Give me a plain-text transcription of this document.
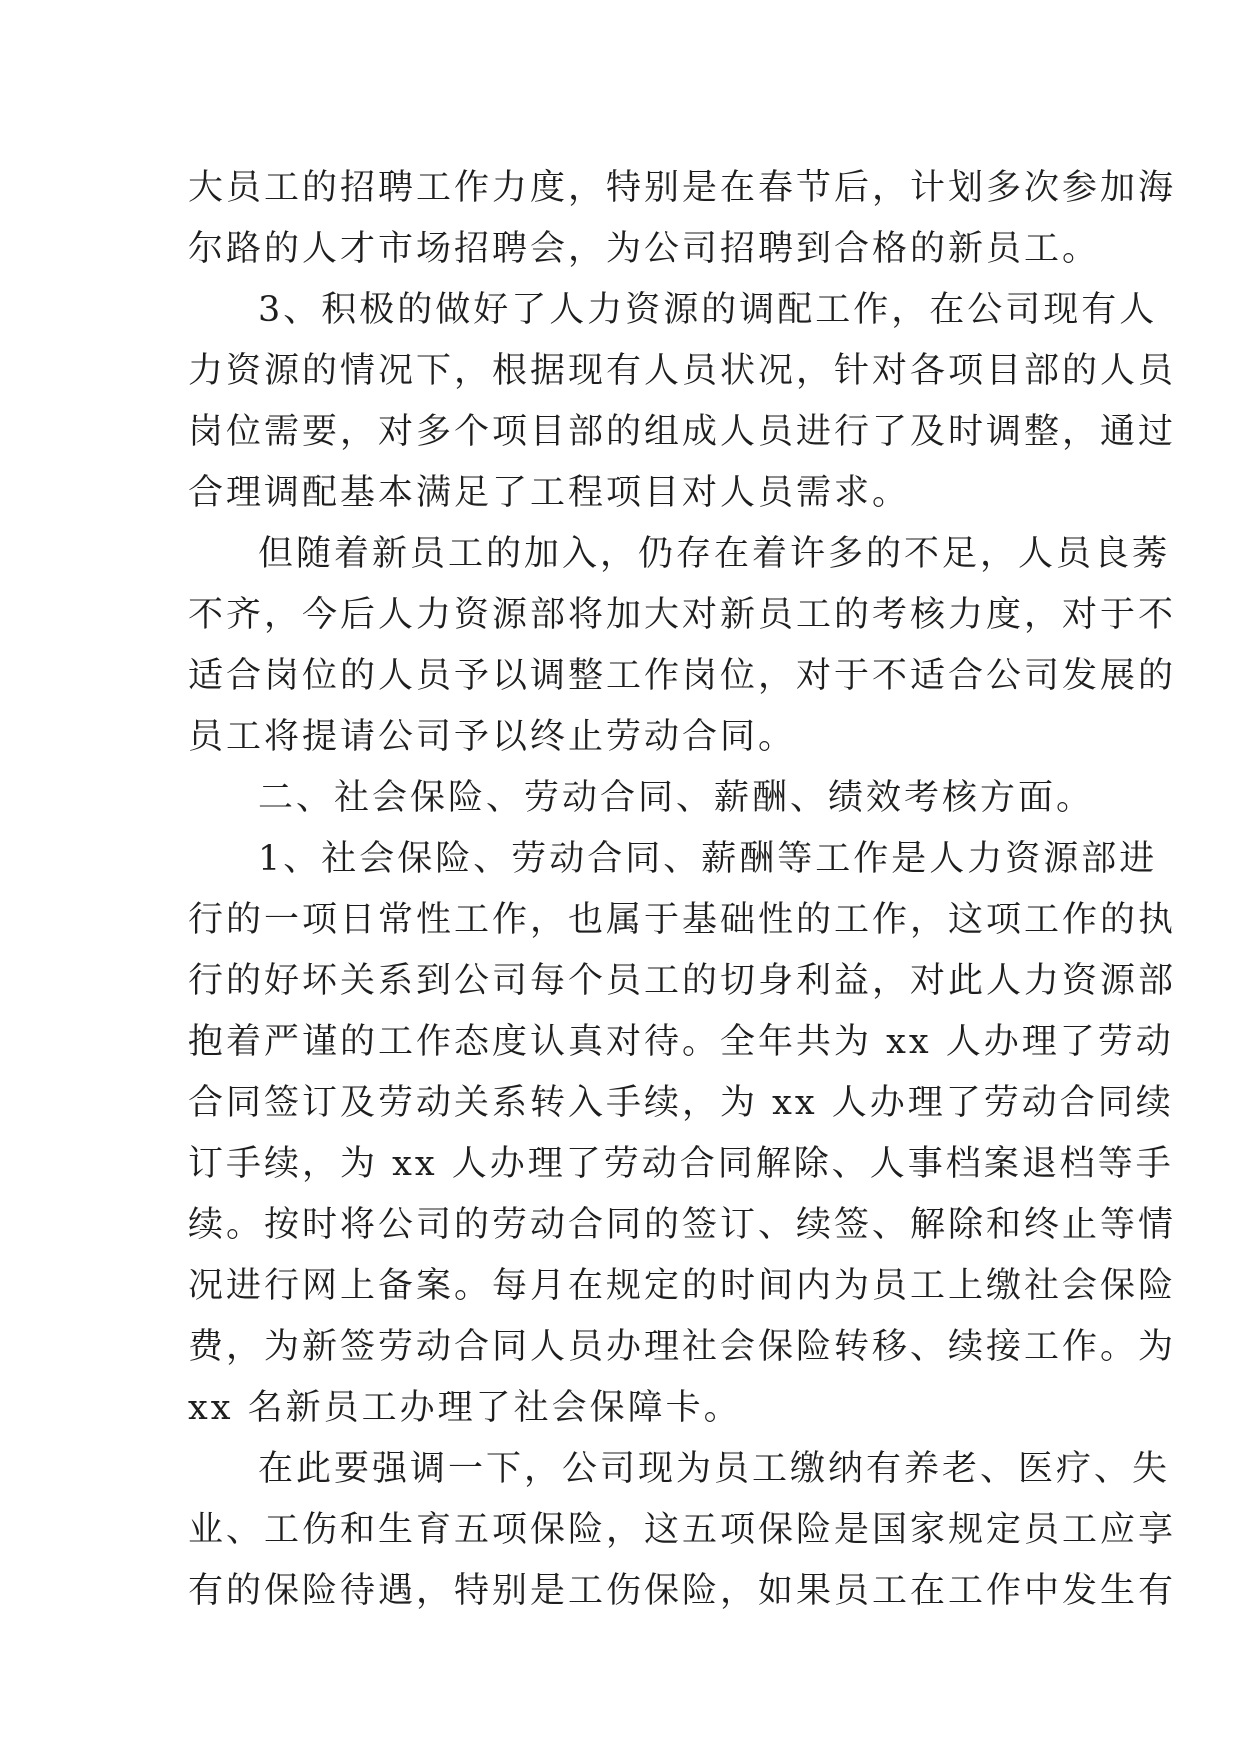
大员工的招聘工作力度，特别是在春节后，计划多次参加海
尔路的人才市场招聘会，为公司招聘到合格的新员工。
3、积极的做好了人力资源的调配工作，在公司现有人
力资源的情况下，根据现有人员状况，针对各项目部的人员
岗位需要，对多个项目部的组成人员进行了及时调整，通过
合理调配基本满足了工程项目对人员需求。
但随着新员工的加入，仍存在着许多的不足，人员良莠
不齐，今后人力资源部将加大对新员工的考核力度，对于不
适合岗位的人员予以调整工作岗位，对于不适合公司发展的
员工将提请公司予以终止劳动合同。
二、社会保险、劳动合同、薪酬、绩效考核方面。
1、社会保险、劳动合同、薪酬等工作是人力资源部进
行的一项日常性工作，也属于基础性的工作，这项工作的执
行的好坏关系到公司每个员工的切身利益，对此人力资源部
抱着严谨的工作态度认真对待。全年共为 xx 人办理了劳动
合同签订及劳动关系转入手续，为 xx 人办理了劳动合同续
订手续，为 xx 人办理了劳动合同解除、人事档案退档等手
续。按时将公司的劳动合同的签订、续签、解除和终止等情
况进行网上备案。每月在规定的时间内为员工上缴社会保险
费，为新签劳动合同人员办理社会保险转移、续接工作。为
xx 名新员工办理了社会保障卡。
在此要强调一下，公司现为员工缴纳有养老、医疗、失
业、工伤和生育五项保险，这五项保险是国家规定员工应享
有的保险待遇，特别是工伤保险，如果员工在工作中发生有
